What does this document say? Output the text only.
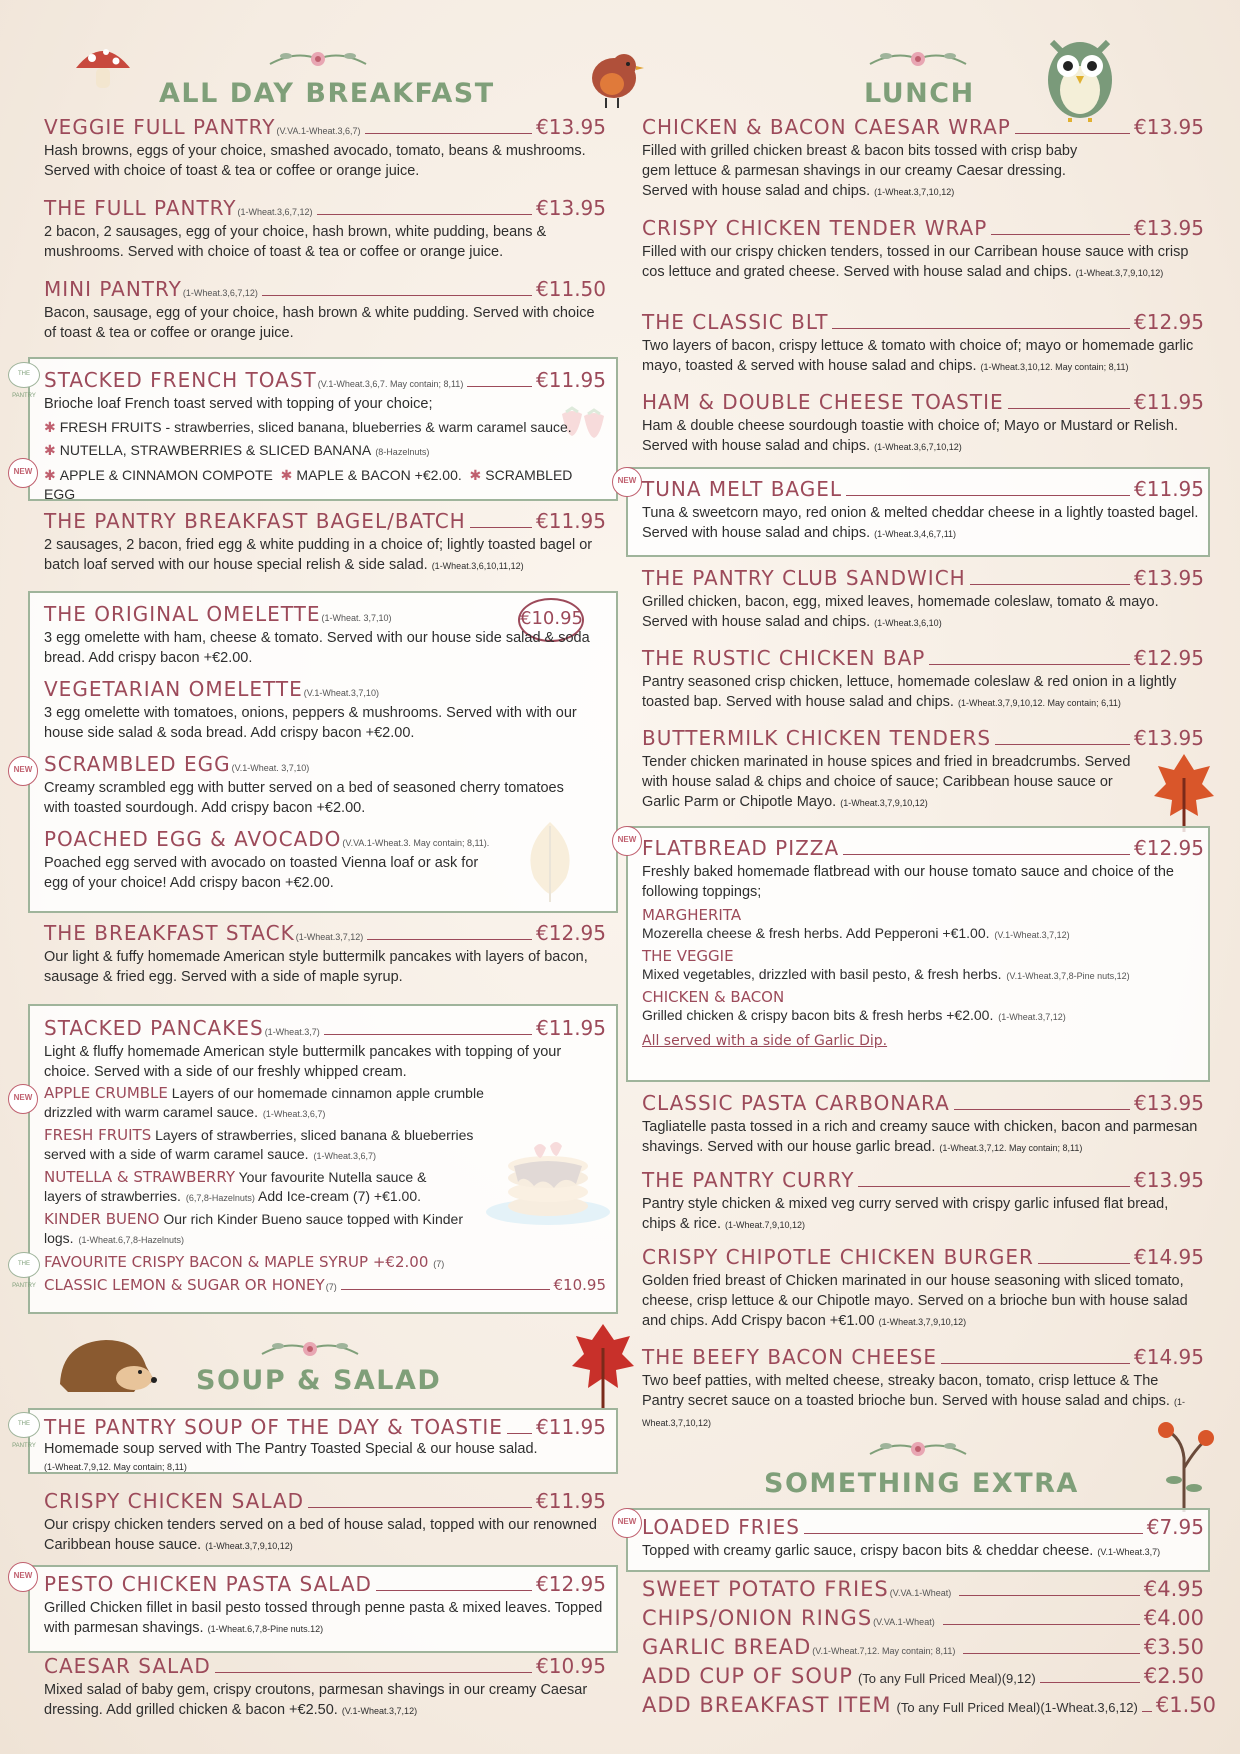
ALL DAY BREAKFAST
VEGGIE FULL PANTRY (V.VA.1-Wheat.3,6,7)	€13.95
Hash browns, eggs of your choice, smashed avocado, tomato, beans & mushrooms. Served with choice of toast & tea or coffee or orange juice.
THE FULL PANTRY (1-Wheat.3,6,7,12)	€13.95
2 bacon, 2 sausages, egg of your choice, hash brown, white pudding, beans & mushrooms. Served with choice of toast & tea or coffee or orange juice.
MINI PANTRY (1-Wheat.3,6,7,12)	€11.50
Bacon, sausage, egg of your choice, hash brown & white pudding. Served with choice of toast & tea or coffee or orange juice.
THE PANTRY
NEW
STACKED FRENCH TOAST (V.1-Wheat.3,6,7. May contain; 8,11)	€11.95
Brioche loaf French toast served with topping of your choice;
✱ FRESH FRUITS - strawberries, sliced banana, blueberries & warm caramel sauce.
✱ NUTELLA, STRAWBERRIES & SLICED BANANA (8-Hazelnuts)
✱ APPLE & CINNAMON COMPOTE ✱ MAPLE & BACON +€2.00. ✱ SCRAMBLED EGG
THE PANTRY BREAKFAST BAGEL/BATCH	€11.95
2 sausages, 2 bacon, fried egg & white pudding in a choice of; lightly toasted bagel or batch loaf served with our house special relish & side salad. (1-Wheat.3,6,10,11,12)
NEW
€10.95
THE ORIGINAL OMELETTE (1-Wheat. 3,7,10)
3 egg omelette with ham, cheese & tomato. Served with our house side salad & soda bread. Add crispy bacon +€2.00.
VEGETARIAN OMELETTE (V.1-Wheat.3,7,10)
3 egg omelette with tomatoes, onions, peppers & mushrooms. Served with with our house side salad & soda bread. Add crispy bacon +€2.00.
SCRAMBLED EGG (V.1-Wheat. 3,7,10)
Creamy scrambled egg with butter served on a bed of seasoned cherry tomatoes with toasted sourdough. Add crispy bacon +€2.00.
POACHED EGG & AVOCADO (V.VA.1-Wheat.3. May contain; 8,11).
Poached egg served with avocado on toasted Vienna loaf or ask for egg of your choice! Add crispy bacon +€2.00.
THE BREAKFAST STACK (1-Wheat.3,7,12)	€12.95
Our light & fuffy homemade American style buttermilk pancakes with layers of bacon, sausage & fried egg. Served with a side of maple syrup.
NEW
THE PANTRY
STACKED PANCAKES (1-Wheat.3,7)	€11.95
Light & fluffy homemade American style buttermilk pancakes with topping of your choice. Served with a side of our freshly whipped cream.
APPLE CRUMBLE Layers of our homemade cinnamon apple crumble drizzled with warm caramel sauce. (1-Wheat.3,6,7)
FRESH FRUITS Layers of strawberries, sliced banana & blueberries served with a side of warm caramel sauce. (1-Wheat.3,6,7)
NUTELLA & STRAWBERRY Your favourite Nutella sauce & layers of strawberries. (6,7,8-Hazelnuts) Add Ice-cream (7) +€1.00.
KINDER BUENO Our rich Kinder Bueno sauce topped with Kinder logs. (1-Wheat.6,7,8-Hazelnuts)
FAVOURITE CRISPY BACON & MAPLE SYRUP +€2.00 (7)
CLASSIC LEMON & SUGAR OR HONEY (7)	€10.95
SOUP & SALAD
THE PANTRY
THE PANTRY SOUP OF THE DAY & TOASTIE €11.95
Homemade soup served with The Pantry Toasted Special & our house salad.
(1-Wheat.7,9,12. May contain; 8,11)
CRISPY CHICKEN SALAD	€11.95
Our crispy chicken tenders served on a bed of house salad, topped with our renowned Caribbean house sauce. (1-Wheat.3,7,9,10,12)
NEW PESTO CHICKEN PASTA SALAD	€12.95
Grilled Chicken fillet in basil pesto tossed through penne pasta & mixed leaves. Topped with parmesan shavings. (1-Wheat.6,7,8-Pine nuts.12)
CAESAR SALAD	€10.95
Mixed salad of baby gem, crispy croutons, parmesan shavings in our creamy Caesar dressing. Add grilled chicken & bacon +€2.50. (V.1-Wheat.3,7,12)
LUNCH
CHICKEN & BACON CAESAR WRAP	€13.95
Filled with grilled chicken breast & bacon bits tossed with crisp baby gem lettuce & parmesan shavings in our creamy Caesar dressing. Served with house salad and chips. (1-Wheat.3,7,10,12)
CRISPY CHICKEN TENDER WRAP	€13.95
Filled with our crispy chicken tenders, tossed in our Carribean house sauce with crisp cos lettuce and grated cheese. Served with house salad and chips. (1-Wheat.3,7,9,10,12)
THE CLASSIC BLT	€12.95
Two layers of bacon, crispy lettuce & tomato with choice of; mayo or homemade garlic mayo, toasted & served with house salad and chips. (1-Wheat.3,10,12. May contain; 8,11)
HAM & DOUBLE CHEESE TOASTIE	€11.95
Ham & double cheese sourdough toastie with choice of; Mayo or Mustard or Relish. Served with house salad and chips. (1-Wheat.3,6,7,10,12)
NEW TUNA MELT BAGEL	€11.95
Tuna & sweetcorn mayo, red onion & melted cheddar cheese in a lightly toasted bagel. Served with house salad and chips. (1-Wheat.3,4,6,7,11)
THE PANTRY CLUB SANDWICH	€13.95
Grilled chicken, bacon, egg, mixed leaves, homemade coleslaw, tomato & mayo. Served with house salad and chips. (1-Wheat.3,6,10)
THE RUSTIC CHICKEN BAP	€12.95
Pantry seasoned crisp chicken, lettuce, homemade coleslaw & red onion in a lightly toasted bap. Served with house salad and chips. (1-Wheat.3,7,9,10,12. May contain; 6,11)
BUTTERMILK CHICKEN TENDERS	€13.95
Tender chicken marinated in house spices and fried in breadcrumbs. Served with house salad & chips and choice of sauce; Caribbean house sauce or Garlic Parm or Chipotle Mayo. (1-Wheat.3,7,9,10,12)
NEW FLATBREAD PIZZA	€12.95
Freshly baked homemade flatbread with our house tomato sauce and choice of the following toppings;
MARGHERITA
Mozerella cheese & fresh herbs. Add Pepperoni +€1.00. (V.1-Wheat.3,7,12)
THE VEGGIE
Mixed vegetables, drizzled with basil pesto, & fresh herbs. (V.1-Wheat.3,7,8-Pine nuts,12)
CHICKEN & BACON
Grilled chicken & crispy bacon bits & fresh herbs +€2.00. (1-Wheat.3,7,12)
All served with a side of Garlic Dip.
CLASSIC PASTA CARBONARA	€13.95
Tagliatelle pasta tossed in a rich and creamy sauce with chicken, bacon and parmesan shavings. Served with our house garlic bread. (1-Wheat.3,7,12. May contain; 8,11)
THE PANTRY CURRY	€13.95
Pantry style chicken & mixed veg curry served with crispy garlic infused flat bread, chips & rice. (1-Wheat.7,9,10,12)
CRISPY CHIPOTLE CHICKEN BURGER	€14.95
Golden fried breast of Chicken marinated in our house seasoning with sliced tomato, cheese, crisp lettuce & our Chipotle mayo. Served on a brioche bun with house salad and chips. Add Crispy bacon +€1.00 (1-Wheat.3,7,9,10,12)
THE BEEFY BACON CHEESE	€14.95
Two beef patties, with melted cheese, streaky bacon, tomato, crisp lettuce & The Pantry secret sauce on a toasted brioche bun. Served with house salad and chips. (1-Wheat.3,7,10,12)
SOMETHING EXTRA
NEW LOADED FRIES	€7.95
Topped with creamy garlic sauce, crispy bacon bits & cheddar cheese. (V.1-Wheat.3,7)
SWEET POTATO FRIES (V.VA.1-Wheat)	€4.95
CHIPS/ONION RINGS (V.VA.1-Wheat)	€4.00
GARLIC BREAD (V.1-Wheat.7,12. May contain; 8,11)	€3.50
ADD CUP OF SOUP (To any Full Priced Meal)(9,12)	€2.50
ADD BREAKFAST ITEM (To any Full Priced Meal)(1-Wheat.3,6,12) €1.50
